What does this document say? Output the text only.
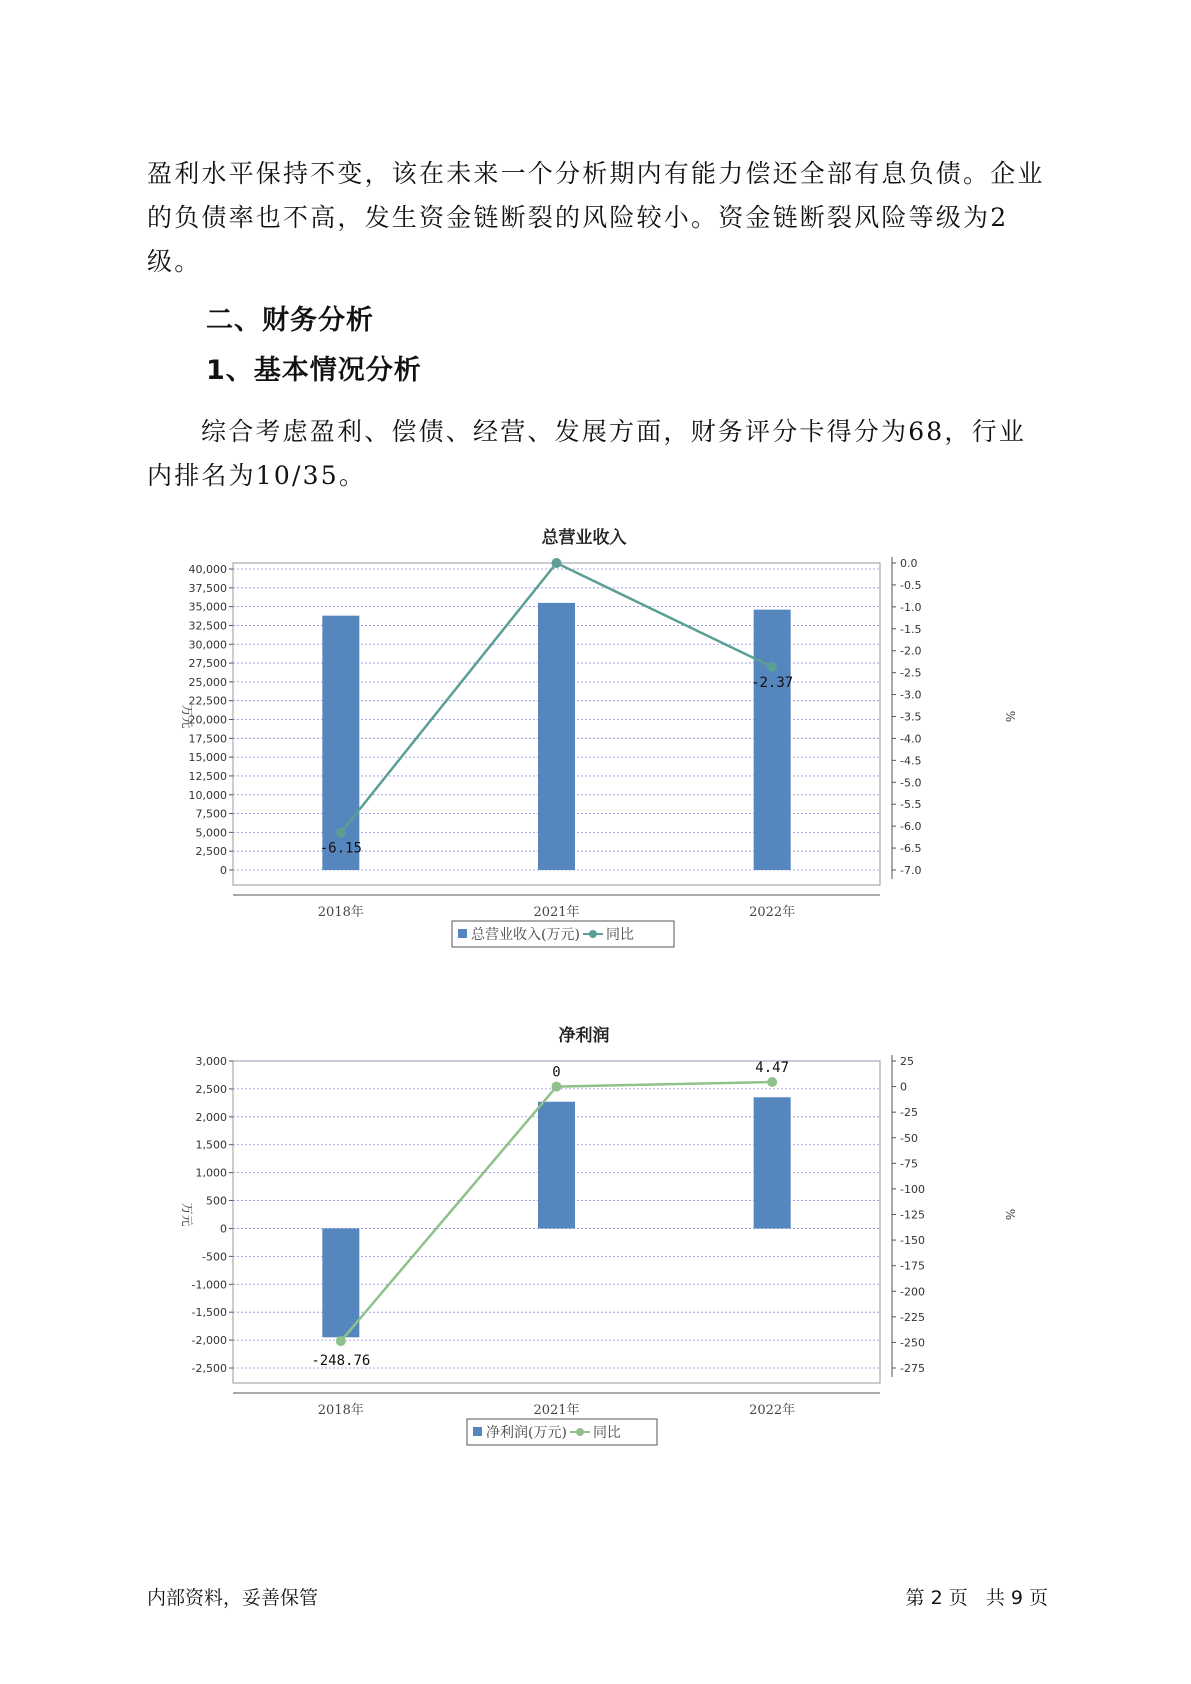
盈利水平保持不变，该在未来一个分析期内有能力偿还全部有息负债。企业的负债率也不高，发生资金链断裂的风险较小。资金链断裂风险等级为2级。

二、财务分析
1、基本情况分析

综合考虑盈利、偿债、经营、发展方面，财务评分卡得分为68，行业内排名为10/35。

总营业收入
0
2,500
5,000
7,500
10,000
12,500
15,000
17,500
20,000
22,500
25,000
27,500
30,000
32,500
35,000
37,500
40,000	0.0
-0.5
-1.0
-1.5
-2.0
-2.5
-3.0
-3.5
-4.0
-4.5
-5.0
-5.5
-6.0
-6.5
-7.0
万元	%
-6.15
-2.37
2018年	2021年	2022年
总营业收入(万元) 同比
净利润
3,000
2,500
2,000
1,500
1,000
500
0
-500
-1,000
-1,500
-2,000
-2,500
25
0
-25
-50
-75
-100
-125
-150
-175
-200
-225
-250
-275
万元	%
-248.76
0	4.47
2018年	2021年	2022年
净利润(万元) 同比
内部资料，妥善保管	第 2 页   共 9 页
